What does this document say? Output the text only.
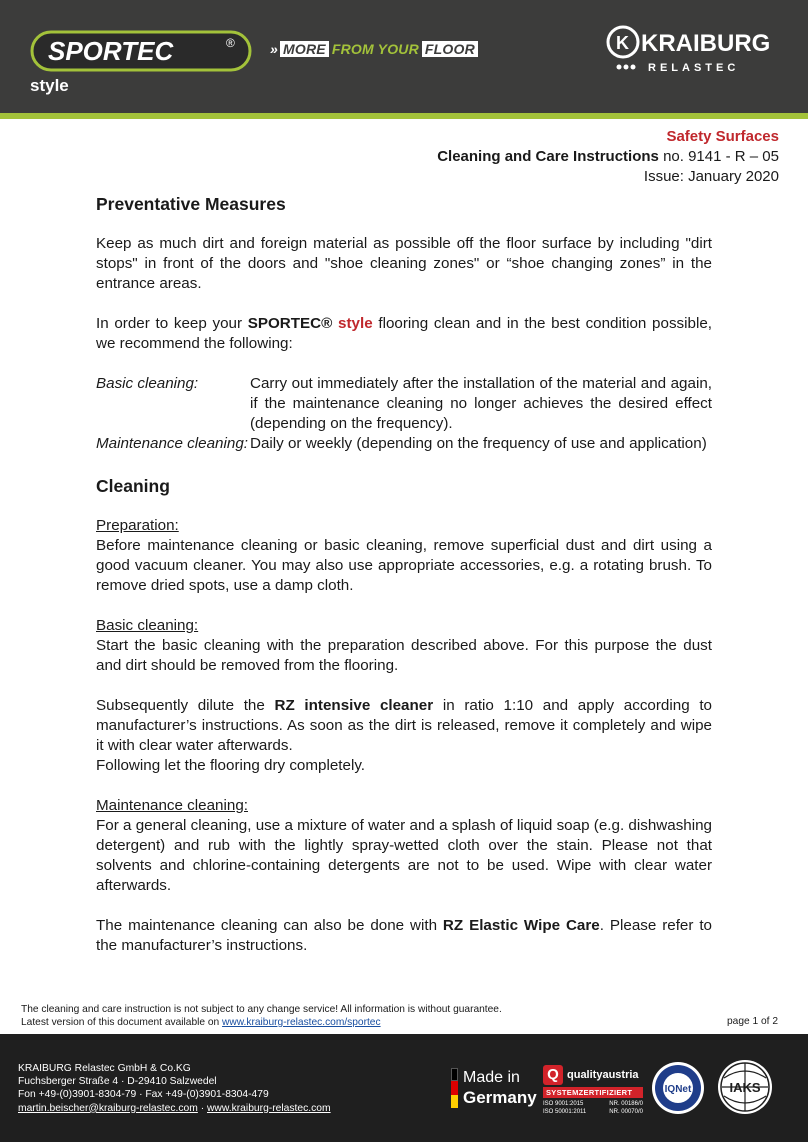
SPORTEC	®
style
» MORE FROM YOUR FLOOR	K KRAIBURG
RELASTEC
Safety Surfaces
Cleaning and Care Instructions no. 9141 - R – 05
Issue: January 2020
Preventative Measures

Keep as much dirt and foreign material as possible off the floor surface by including "dirt stops" in front of the doors and "shoe cleaning zones" or “shoe changing zones” in the entrance areas.

In order to keep your SPORTEC® style flooring clean and in the best condition possible, we recommend the following:

Basic cleaning:	Carry out immediately after the installation of the material and again, if the maintenance cleaning no longer achieves the desired effect (depending on the frequency).
Maintenance cleaning: Daily or weekly (depending on the frequency of use and application)
Cleaning
Preparation:

Before maintenance cleaning or basic cleaning, remove superficial dust and dirt using a good vacuum cleaner. You may also use appropriate accessories, e.g. a rotating brush. To remove dried spots, use a damp cloth.

Basic cleaning:

Start the basic cleaning with the preparation described above. For this purpose the dust and dirt should be removed from the flooring.

Subsequently dilute the RZ intensive cleaner in ratio 1:10 and apply according to manufacturer’s instructions. As soon as the dirt is released, remove it completely and wipe it with clear water afterwards.

Following let the flooring dry completely.

Maintenance cleaning:

For a general cleaning, use a mixture of water and a splash of liquid soap (e.g. dishwashing detergent) and rub with the lightly spray-wetted cloth over the stain. Please not that solvents and chlorine-containing detergents are not to be used. Wipe with clear water afterwards.

The maintenance cleaning can also be done with RZ Elastic Wipe Care. Please refer to the manufacturer’s instructions.

The cleaning and care instruction is not subject to any change service! All information is without guarantee.
Latest version of this document available on www.kraiburg-relastec.com/sportec	page 1 of 2
KRAIBURG Relastec GmbH & Co.KG
Fuchsberger Straße 4 · D-29410 Salzwedel
Fon +49-(0)3901-8304-79 · Fax +49-(0)3901-8304-479
martin.beischer@kraiburg-relastec.com · www.kraiburg-relastec.com
Made in
Germany
Q qualityaustria
SYSTEMZERTIFIZIERT
ISO 9001:2015
ISO 50001:2011
NR. 00186/0
NR. 00070/0
IQNet	IAKS
